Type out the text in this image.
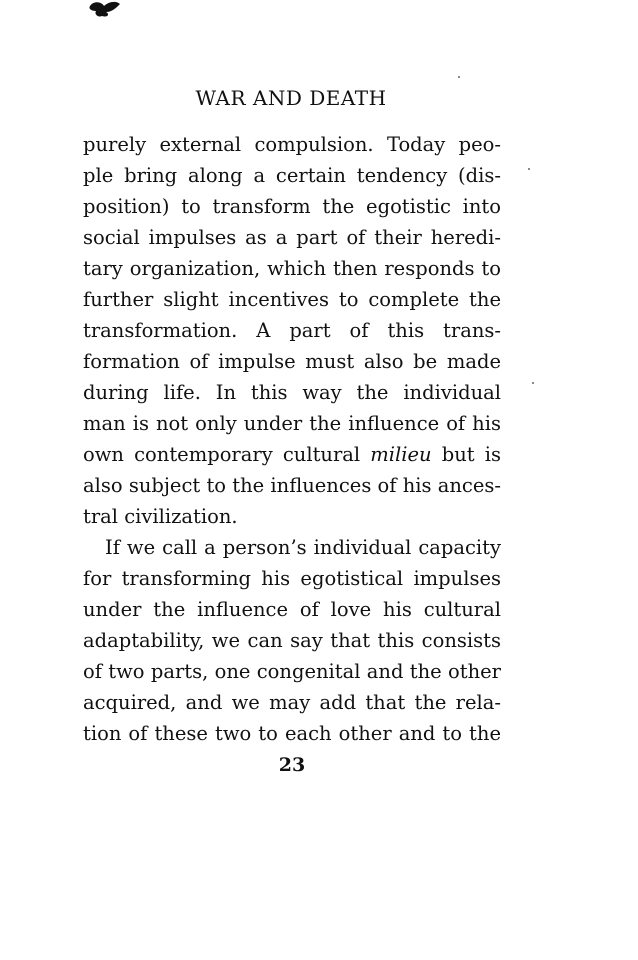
WAR AND DEATH
purely external compulsion. Today peo-
ple bring along a certain tendency (dis-
position) to transform the egotistic into
social impulses as a part of their heredi-
tary organization, which then responds to
further slight incentives to complete the
transformation. A part of this trans-
formation of impulse must also be made
during life. In this way the individual
man is not only under the influence of his
own contemporary cultural milieu but is
also subject to the influences of his ances-
tral civilization.
If we call a person’s individual capacity
for transforming his egotistical impulses
under the influence of love his cultural
adaptability, we can say that this consists
of two parts, one congenital and the other
acquired, and we may add that the rela-
tion of these two to each other and to the
23
